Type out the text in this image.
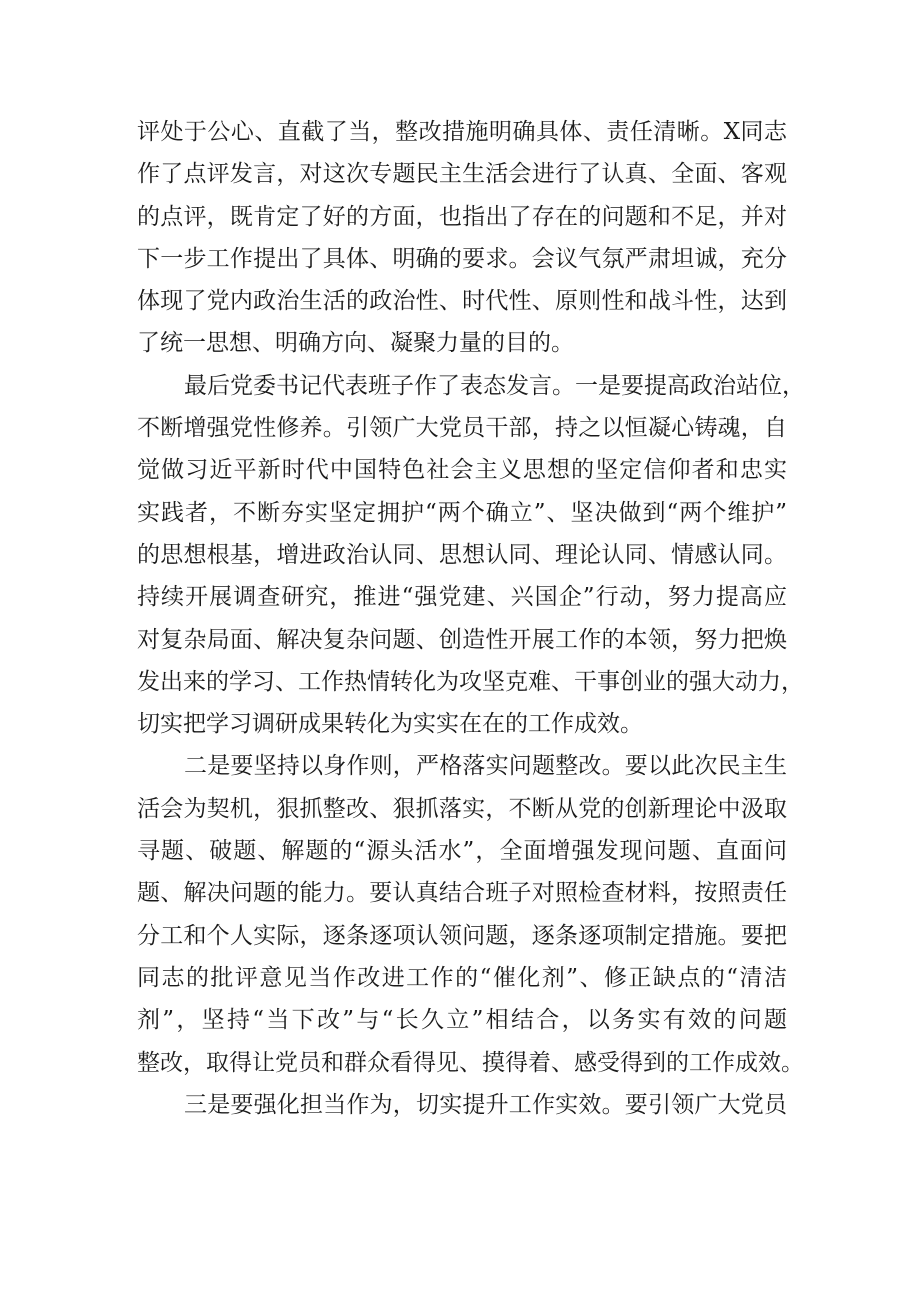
评处于公心、直截了当，整改措施明确具体、责任清晰。X同志
作了点评发言，对这次专题民主生活会进行了认真、全面、客观
的点评，既肯定了好的方面，也指出了存在的问题和不足，并对
下一步工作提出了具体、明确的要求。会议气氛严肃坦诚，充分
体现了党内政治生活的政治性、时代性、原则性和战斗性，达到
了统一思想、明确方向、凝聚力量的目的。
最后党委书记代表班子作了表态发言。一是要提高政治站位，
不断增强党性修养。引领广大党员干部，持之以恒凝心铸魂，自
觉做习近平新时代中国特色社会主义思想的坚定信仰者和忠实
实践者，不断夯实坚定拥护“两个确立”、坚决做到“两个维护”
的思想根基，增进政治认同、思想认同、理论认同、情感认同。
持续开展调查研究，推进“强党建、兴国企”行动，努力提高应
对复杂局面、解决复杂问题、创造性开展工作的本领，努力把焕
发出来的学习、工作热情转化为攻坚克难、干事创业的强大动力，
切实把学习调研成果转化为实实在在的工作成效。
二是要坚持以身作则，严格落实问题整改。要以此次民主生
活会为契机，狠抓整改、狠抓落实，不断从党的创新理论中汲取
寻题、破题、解题的“源头活水”，全面增强发现问题、直面问
题、解决问题的能力。要认真结合班子对照检查材料，按照责任
分工和个人实际，逐条逐项认领问题，逐条逐项制定措施。要把
同志的批评意见当作改进工作的“催化剂”、修正缺点的“清洁
剂”，坚持“当下改”与“长久立”相结合，以务实有效的问题
整改，取得让党员和群众看得见、摸得着、感受得到的工作成效。
三是要强化担当作为，切实提升工作实效。要引领广大党员
